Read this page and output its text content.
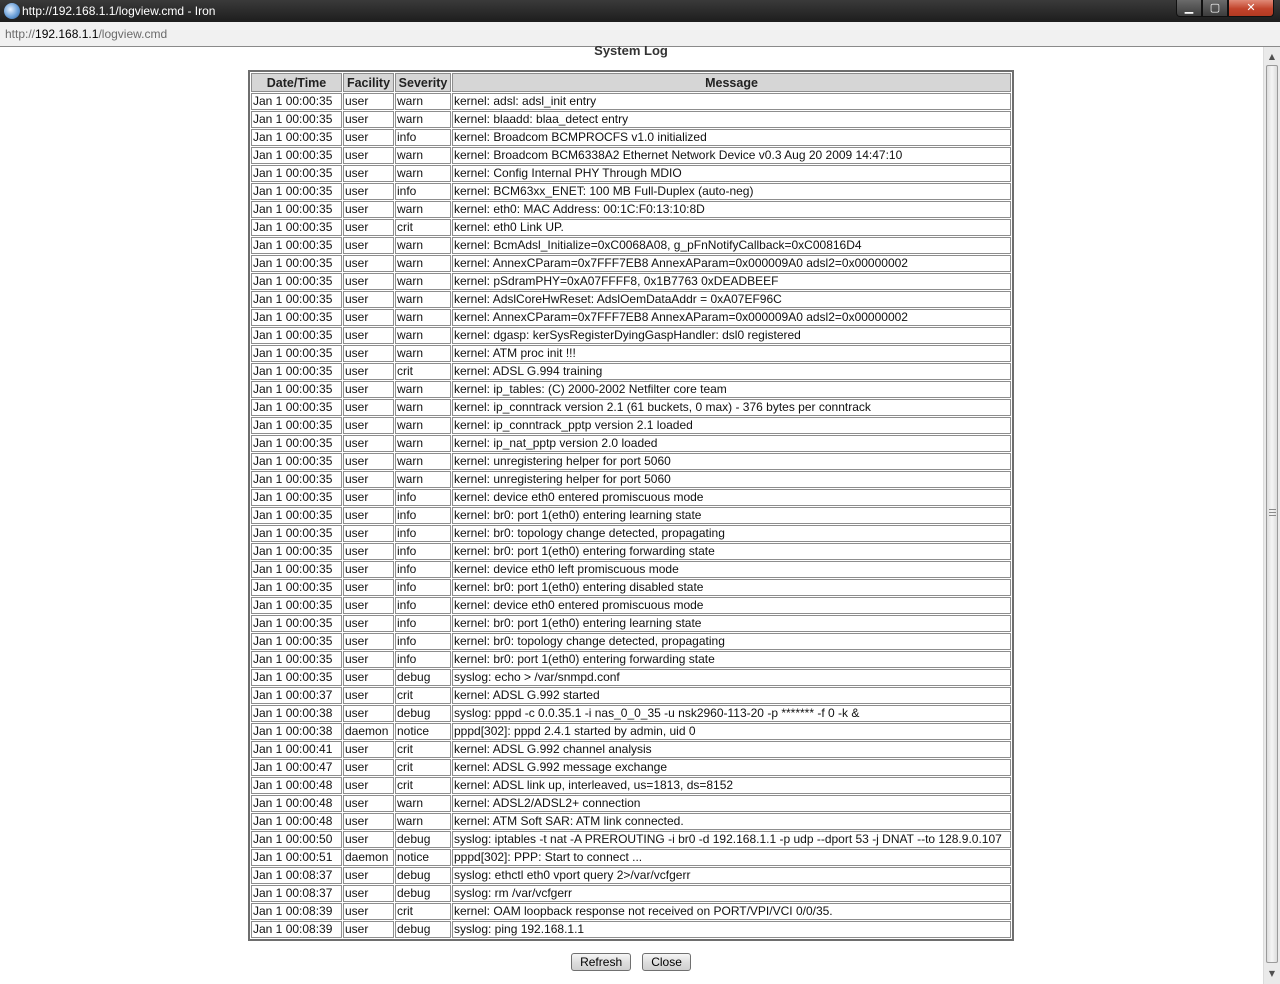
http://192.168.1.1/logview.cmd - Iron	▁	▢	✕
http://192.168.1.1/logview.cmd
System Log
Date/Time	Facility	Severity	Message
Jan 1 00:00:35	user	warn	kernel: adsl: adsl_init entry
Jan 1 00:00:35	user	warn	kernel: blaadd: blaa_detect entry
Jan 1 00:00:35	user	info	kernel: Broadcom BCMPROCFS v1.0 initialized
Jan 1 00:00:35	user	warn	kernel: Broadcom BCM6338A2 Ethernet Network Device v0.3 Aug 20 2009 14:47:10
Jan 1 00:00:35	user	warn	kernel: Config Internal PHY Through MDIO
Jan 1 00:00:35	user	info	kernel: BCM63xx_ENET: 100 MB Full-Duplex (auto-neg)
Jan 1 00:00:35	user	warn	kernel: eth0: MAC Address: 00:1C:F0:13:10:8D
Jan 1 00:00:35	user	crit	kernel: eth0 Link UP.
Jan 1 00:00:35	user	warn	kernel: BcmAdsl_Initialize=0xC0068A08, g_pFnNotifyCallback=0xC00816D4
Jan 1 00:00:35	user	warn	kernel: AnnexCParam=0x7FFF7EB8 AnnexAParam=0x000009A0 adsl2=0x00000002
Jan 1 00:00:35	user	warn	kernel: pSdramPHY=0xA07FFFF8, 0x1B7763 0xDEADBEEF
Jan 1 00:00:35	user	warn	kernel: AdslCoreHwReset: AdslOemDataAddr = 0xA07EF96C
Jan 1 00:00:35	user	warn	kernel: AnnexCParam=0x7FFF7EB8 AnnexAParam=0x000009A0 adsl2=0x00000002
Jan 1 00:00:35	user	warn	kernel: dgasp: kerSysRegisterDyingGaspHandler: dsl0 registered
Jan 1 00:00:35	user	warn	kernel: ATM proc init !!!
Jan 1 00:00:35	user	crit	kernel: ADSL G.994 training
Jan 1 00:00:35	user	warn	kernel: ip_tables: (C) 2000-2002 Netfilter core team
Jan 1 00:00:35	user	warn	kernel: ip_conntrack version 2.1 (61 buckets, 0 max) - 376 bytes per conntrack
Jan 1 00:00:35	user	warn	kernel: ip_conntrack_pptp version 2.1 loaded
Jan 1 00:00:35	user	warn	kernel: ip_nat_pptp version 2.0 loaded
Jan 1 00:00:35	user	warn	kernel: unregistering helper for port 5060
Jan 1 00:00:35	user	warn	kernel: unregistering helper for port 5060
Jan 1 00:00:35	user	info	kernel: device eth0 entered promiscuous mode
Jan 1 00:00:35	user	info	kernel: br0: port 1(eth0) entering learning state
Jan 1 00:00:35	user	info	kernel: br0: topology change detected, propagating
Jan 1 00:00:35	user	info	kernel: br0: port 1(eth0) entering forwarding state
Jan 1 00:00:35	user	info	kernel: device eth0 left promiscuous mode
Jan 1 00:00:35	user	info	kernel: br0: port 1(eth0) entering disabled state
Jan 1 00:00:35	user	info	kernel: device eth0 entered promiscuous mode
Jan 1 00:00:35	user	info	kernel: br0: port 1(eth0) entering learning state
Jan 1 00:00:35	user	info	kernel: br0: topology change detected, propagating
Jan 1 00:00:35	user	info	kernel: br0: port 1(eth0) entering forwarding state
Jan 1 00:00:35	user	debug	syslog: echo > /var/snmpd.conf
Jan 1 00:00:37	user	crit	kernel: ADSL G.992 started
Jan 1 00:00:38	user	debug	syslog: pppd -c 0.0.35.1 -i nas_0_0_35 -u nsk2960-113-20 -p ******* -f 0 -k &
Jan 1 00:00:38	daemon	notice	pppd[302]: pppd 2.4.1 started by admin, uid 0
Jan 1 00:00:41	user	crit	kernel: ADSL G.992 channel analysis
Jan 1 00:00:47	user	crit	kernel: ADSL G.992 message exchange
Jan 1 00:00:48	user	crit	kernel: ADSL link up, interleaved, us=1813, ds=8152
Jan 1 00:00:48	user	warn	kernel: ADSL2/ADSL2+ connection
Jan 1 00:00:48	user	warn	kernel: ATM Soft SAR: ATM link connected.
Jan 1 00:00:50	user	debug	syslog: iptables -t nat -A PREROUTING -i br0 -d 192.168.1.1 -p udp --dport 53 -j DNAT --to 128.9.0.107
Jan 1 00:00:51	daemon	notice	pppd[302]: PPP: Start to connect ...
Jan 1 00:08:37	user	debug	syslog: ethctl eth0 vport query 2>/var/vcfgerr
Jan 1 00:08:37	user	debug	syslog: rm /var/vcfgerr
Jan 1 00:08:39	user	crit	kernel: OAM loopback response not received on PORT/VPI/VCI 0/0/35.
Jan 1 00:08:39	user	debug	syslog: ping 192.168.1.1
Refresh Close
▲
▼
